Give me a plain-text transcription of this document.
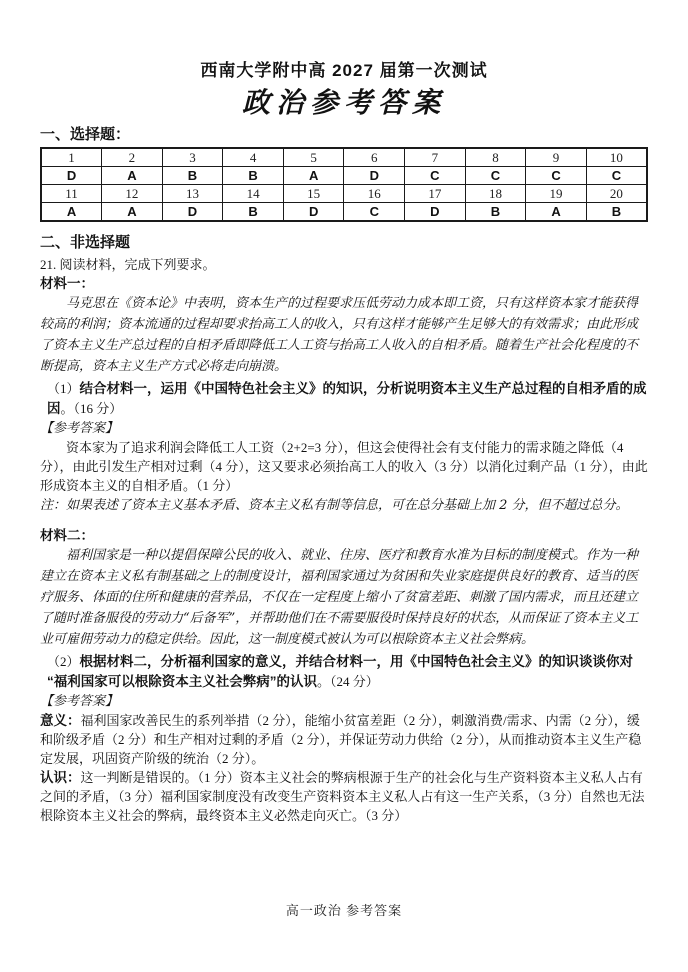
西南大学附中高 2027 届第一次测试

政治参考答案

一、选择题：

1	2	3	4	5	6	7	8	9	10
D	A	B	B	A	D	C	C	C	C
11	12	13	14	15	16	17	18	19	20
A	A	D	B	D	C	D	B	A	B

二、非选择题

21. 阅读材料，完成下列要求。

材料一：

马克思在《资本论》中表明，资本生产的过程要求压低劳动力成本即工资，只有这样资本家才能获得较高的利润；资本流通的过程却要求抬高工人的收入，只有这样才能够产生足够大的有效需求；由此形成了资本主义生产总过程的自相矛盾即降低工人工资与抬高工人收入的自相矛盾。随着生产社会化程度的不断提高，资本主义生产方式必将走向崩溃。

（1）结合材料一，运用《中国特色社会主义》的知识，分析说明资本主义生产总过程的自相矛盾的成因。（16 分）

【参考答案】

资本家为了追求利润会降低工人工资（2+2=3 分），但这会使得社会有支付能力的需求随之降低（4 分），由此引发生产相对过剩（4 分），这又要求必须抬高工人的收入（3 分）以消化过剩产品（1 分），由此形成资本主义的自相矛盾。（1 分）

注：如果表述了资本主义基本矛盾、资本主义私有制等信息，可在总分基础上加 2 分，但不超过总分。

材料二：

福利国家是一种以提倡保障公民的收入、就业、住房、医疗和教育水准为目标的制度模式。作为一种建立在资本主义私有制基础之上的制度设计，福利国家通过为贫困和失业家庭提供良好的教育、适当的医疗服务、体面的住所和健康的营养品，不仅在一定程度上缩小了贫富差距、刺激了国内需求，而且还建立了随时准备服役的劳动力“后备军”，并帮助他们在不需要服役时保持良好的状态，从而保证了资本主义工业可雇佣劳动力的稳定供给。因此，这一制度模式被认为可以根除资本主义社会弊病。

（2）根据材料二，分析福利国家的意义，并结合材料一，用《中国特色社会主义》的知识谈谈你对“福利国家可以根除资本主义社会弊病”的认识。（24 分）

【参考答案】

意义：福利国家改善民生的系列举措（2 分），能缩小贫富差距（2 分），刺激消费/需求、内需（2 分），缓和阶级矛盾（2 分）和生产相对过剩的矛盾（2 分），并保证劳动力供给（2 分），从而推动资本主义生产稳定发展，巩固资产阶级的统治（2 分）。

认识：这一判断是错误的。（1 分）资本主义社会的弊病根源于生产的社会化与生产资料资本主义私人占有之间的矛盾，（3 分）福利国家制度没有改变生产资料资本主义私人占有这一生产关系，（3 分）自然也无法根除资本主义社会的弊病，最终资本主义必然走向灭亡。（3 分）

高一政治 参考答案
